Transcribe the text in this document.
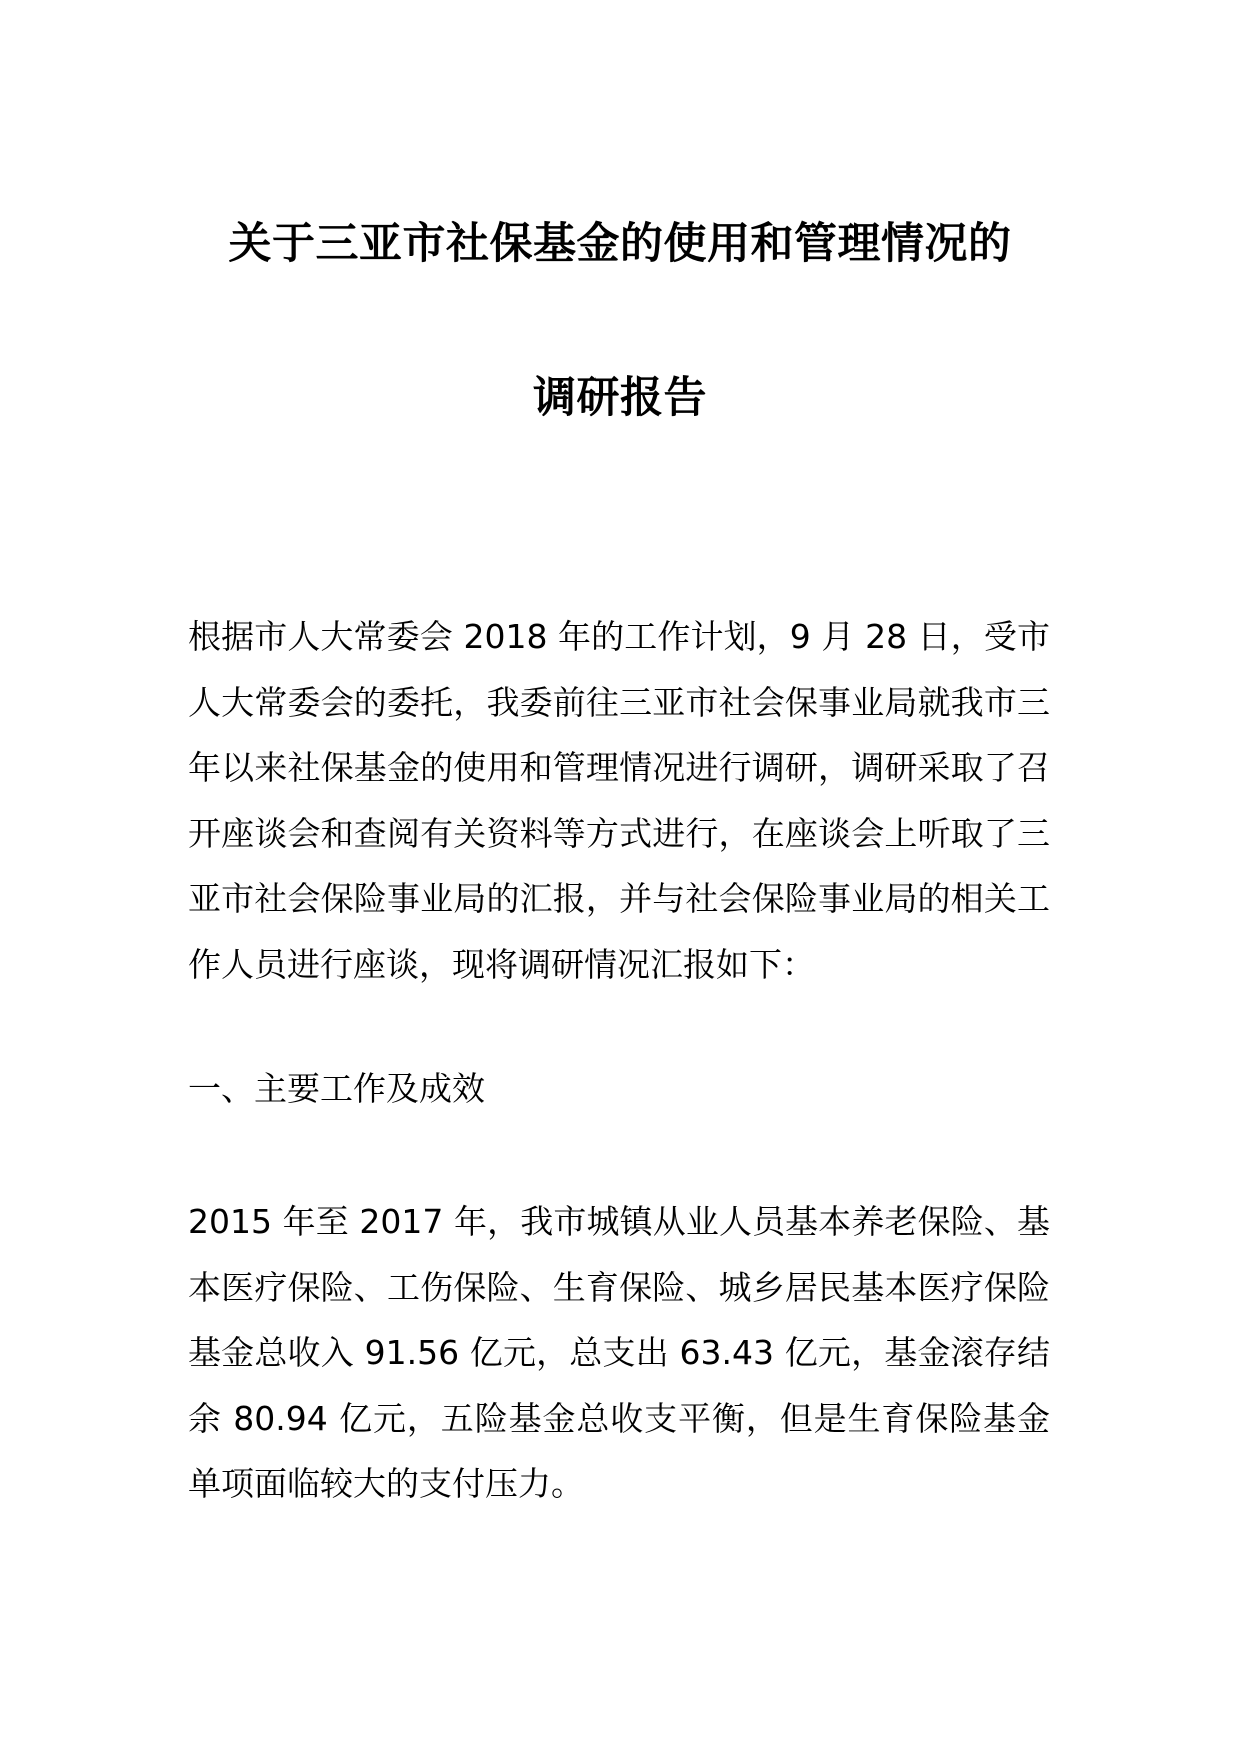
关于三亚市社保基金的使用和管理情况的
调研报告
根据市人大常委会 2018 年的工作计划，9 月 28 日，受市人大常委会的委托，我委前往三亚市社会保事业局就我市三年以来社保基金的使用和管理情况进行调研，调研采取了召开座谈会和查阅有关资料等方式进行，在座谈会上听取了三亚市社会保险事业局的汇报，并与社会保险事业局的相关工作人员进行座谈，现将调研情况汇报如下：
一、主要工作及成效
2015 年至 2017 年，我市城镇从业人员基本养老保险、基本医疗保险、工伤保险、生育保险、城乡居民基本医疗保险基金总收入 91.56 亿元，总支出 63.43 亿元，基金滚存结余 80.94 亿元，五险基金总收支平衡，但是生育保险基金单项面临较大的支付压力。
